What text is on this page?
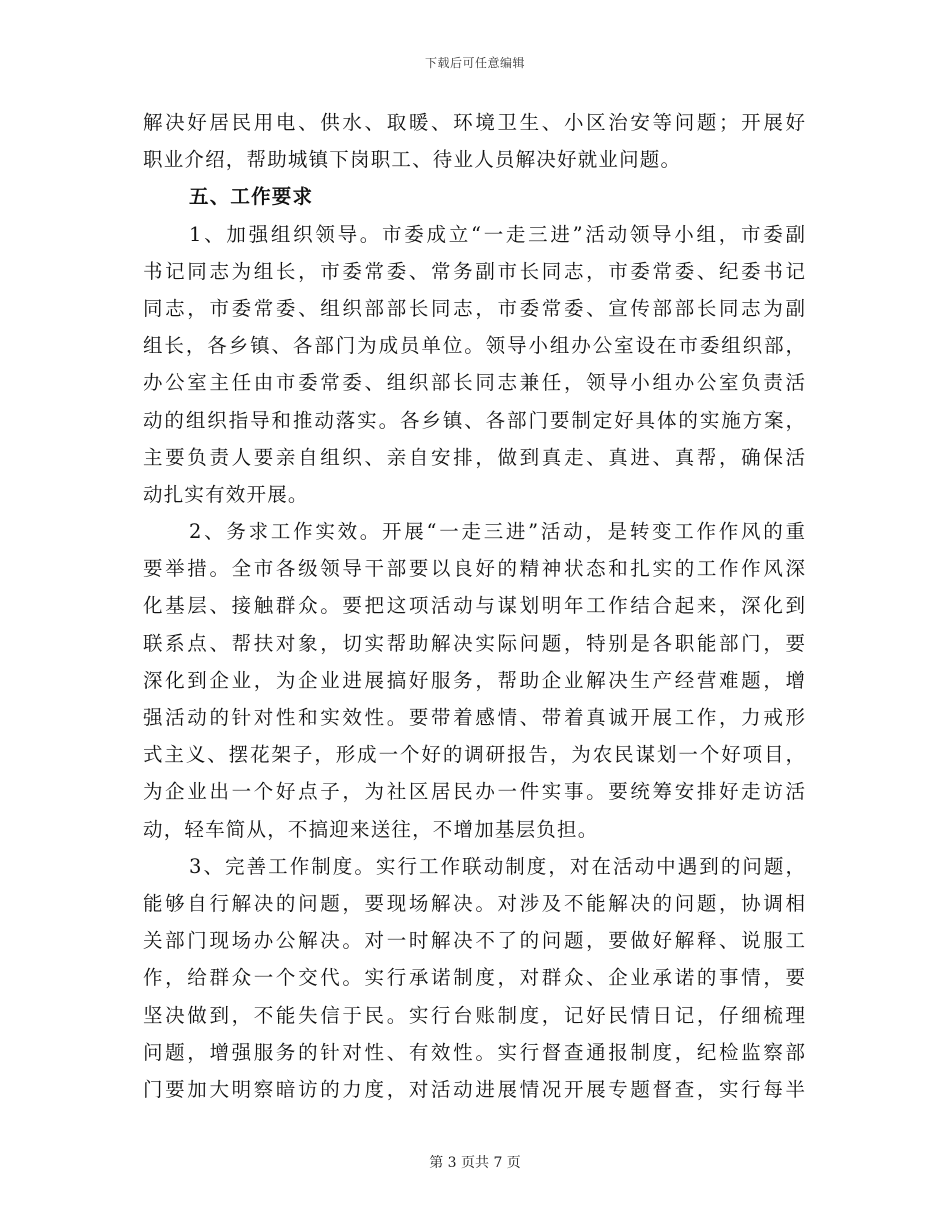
下载后可任意编辑
解决好居民用电、供水、取暖、环境卫生、小区治安等问题；开展好
职业介绍，帮助城镇下岗职工、待业人员解决好就业问题。
五、工作要求
1、加强组织领导。市委成立“一走三进”活动领导小组，市委副
书记同志为组长，市委常委、常务副市长同志，市委常委、纪委书记
同志，市委常委、组织部部长同志，市委常委、宣传部部长同志为副
组长，各乡镇、各部门为成员单位。领导小组办公室设在市委组织部，
办公室主任由市委常委、组织部长同志兼任，领导小组办公室负责活
动的组织指导和推动落实。各乡镇、各部门要制定好具体的实施方案，
主要负责人要亲自组织、亲自安排，做到真走、真进、真帮，确保活
动扎实有效开展。
2、务求工作实效。开展“一走三进”活动，是转变工作作风的重
要举措。全市各级领导干部要以良好的精神状态和扎实的工作作风深
化基层、接触群众。要把这项活动与谋划明年工作结合起来，深化到
联系点、帮扶对象，切实帮助解决实际问题，特别是各职能部门，要
深化到企业，为企业进展搞好服务，帮助企业解决生产经营难题，增
强活动的针对性和实效性。要带着感情、带着真诚开展工作，力戒形
式主义、摆花架子，形成一个好的调研报告，为农民谋划一个好项目，
为企业出一个好点子，为社区居民办一件实事。要统筹安排好走访活
动，轻车简从，不搞迎来送往，不增加基层负担。
3、完善工作制度。实行工作联动制度，对在活动中遇到的问题，
能够自行解决的问题，要现场解决。对涉及不能解决的问题，协调相
关部门现场办公解决。对一时解决不了的问题，要做好解释、说服工
作，给群众一个交代。实行承诺制度，对群众、企业承诺的事情，要
坚决做到，不能失信于民。实行台账制度，记好民情日记，仔细梳理
问题，增强服务的针对性、有效性。实行督查通报制度，纪检监察部
门要加大明察暗访的力度，对活动进展情况开展专题督查，实行每半
第 3 页共 7 页
